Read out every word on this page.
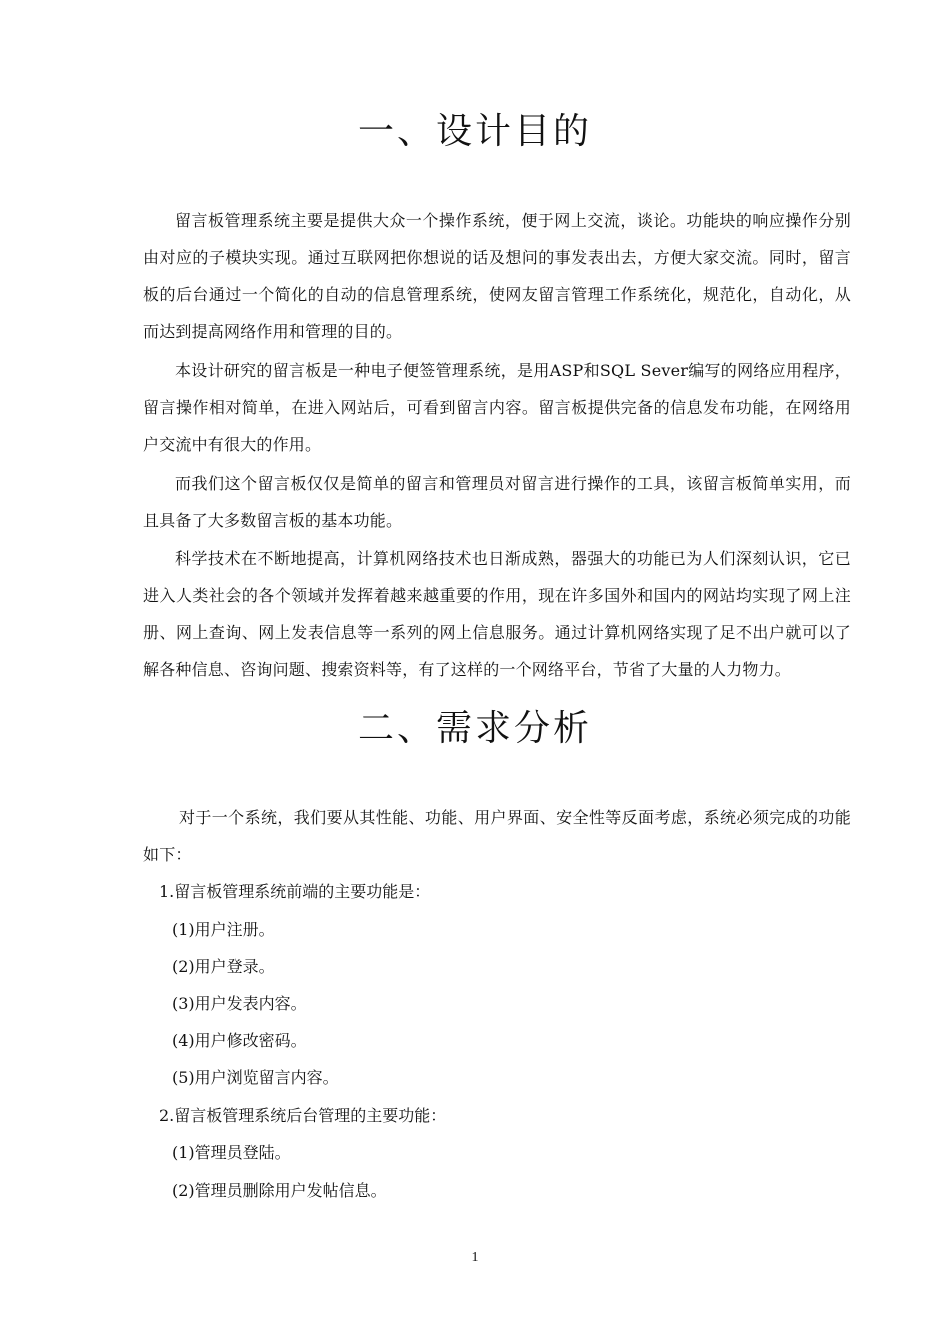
一、设计目的

留言板管理系统主要是提供大众一个操作系统，便于网上交流，谈论。功能块的响应操作分别由对应的子模块实现。通过互联网把你想说的话及想问的事发表出去，方便大家交流。同时，留言板的后台通过一个简化的自动的信息管理系统，使网友留言管理工作系统化，规范化，自动化，从而达到提高网络作用和管理的目的。

本设计研究的留言板是一种电子便签管理系统，是用ASP和SQL Sever编写的网络应用程序，留言操作相对简单，在进入网站后，可看到留言内容。留言板提供完备的信息发布功能，在网络用户交流中有很大的作用。

而我们这个留言板仅仅是简单的留言和管理员对留言进行操作的工具，该留言板简单实用，而且具备了大多数留言板的基本功能。

科学技术在不断地提高，计算机网络技术也日渐成熟，器强大的功能已为人们深刻认识，它已进入人类社会的各个领域并发挥着越来越重要的作用，现在许多国外和国内的网站均实现了网上注册、网上查询、网上发表信息等一系列的网上信息服务。通过计算机网络实现了足不出户就可以了解各种信息、咨询问题、搜索资料等，有了这样的一个网络平台，节省了大量的人力物力。

二、需求分析

对于一个系统，我们要从其性能、功能、用户界面、安全性等反面考虑，系统必须完成的功能如下：

1.留言板管理系统前端的主要功能是：

(1)用户注册。

(2)用户登录。

(3)用户发表内容。

(4)用户修改密码。

(5)用户浏览留言内容。

2.留言板管理系统后台管理的主要功能：

(1)管理员登陆。

(2)管理员删除用户发帖信息。

1
